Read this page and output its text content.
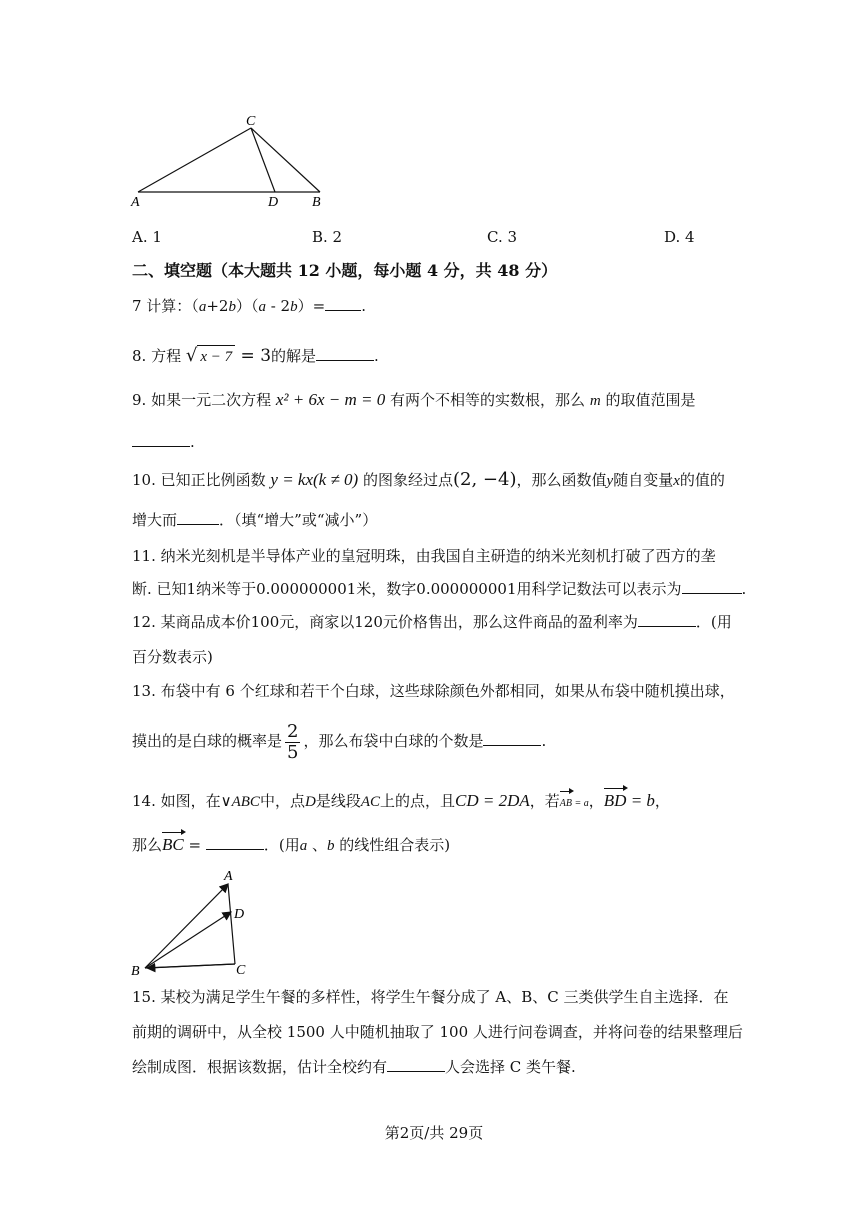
C
A	D B
A. 1	B. 2	C. 3	D. 4
二、填空题（本大题共 12 小题，每小题 4 分，共 48 分）
7 计算：（a+2b）（a - 2b）= .
8. 方程 √ x − 7 = 3的解是	.
9. 如果一元二次方程 x² + 6x − m = 0 有两个不相等的实数根，那么 m 的取值范围是
.
10. 已知正比例函数 y = kx(k ≠ 0) 的图象经过点(2, −4)，那么函数值y随自变量x的值的
增大而	．（填“增大”或“减小”）
11. 纳米光刻机是半导体产业的皇冠明珠，由我国自主研造的纳米光刻机打破了西方的垄
断. 已知1纳米等于0.000000001米，数字0.000000001用科学记数法可以表示为	.
12. 某商品成本价100元，商家以120元价格售出，那么这件商品的盈利率为	．(用
百分数表示)
13. 布袋中有 6 个红球和若干个白球，这些球除颜色外都相同，如果从布袋中随机摸出球，
摸出的是白球的概率是 $\frac{2}{5}$ ，那么布袋中白球的个数是	.
14. 如图，在∨ABC中，点D是线段AC上的点，且CD = 2DA，若AB = a，BD = b，
那么BC =	．(用a 、b 的线性组合表示)
A
D
B	C
15. 某校为满足学生午餐的多样性，将学生午餐分成了 A、B、C 三类供学生自主选择．在
前期的调研中，从全校 1500 人中随机抽取了 100 人进行问卷调查，并将问卷的结果整理后
绘制成图．根据该数据，估计全校约有	人会选择 C 类午餐.
第2页/共 29页
